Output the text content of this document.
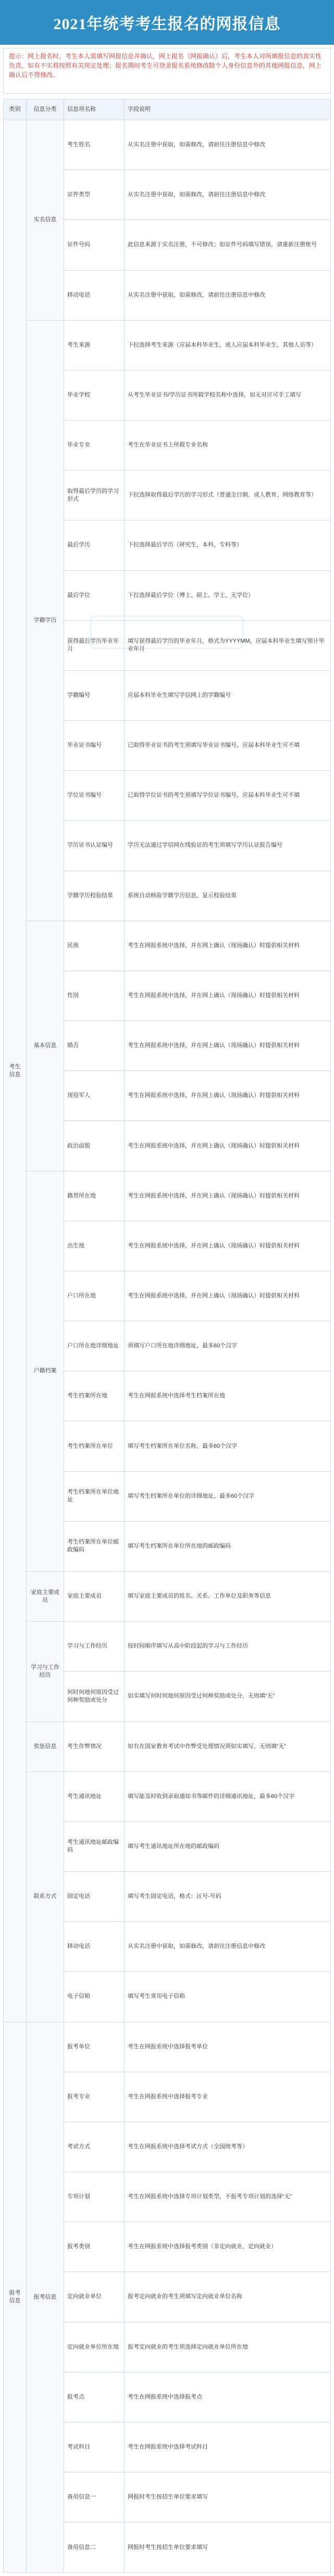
2021年统考考生报名的网报信息
提示：网上报名时，考生本人需填写网报信息并确认，网上报名（网报确认）后，考生本人对所填报信息的真实性负责，如有不实将按照有关规定处理；报名期间考生可登录报名系统修改除个人身份信息外的其他网报信息，网上确认后不得修改。
类别	信息分类	信息项名称	字段说明
考生信息	实名信息	考生姓名	从实名注册中获取，如需修改，请前往注册信息中修改
		证件类型	从实名注册中获取，如需修改，请前往注册信息中修改
		证件号码	此信息来源于实名注册，不可修改；如证件号码填写错误，请重新注册账号
		移动电话	从实名注册中获取，如需修改，请前往注册信息中修改
	学籍学历	考生来源	下拉选择考生来源（应届本科毕业生、成人应届本科毕业生、其他人员等）
		毕业学校	从考生毕业证书/学历证书所载学校名称中选择，如无对应可手工填写
		毕业专业	考生在毕业证书上所载专业名称
		取得最后学历的学习形式	下拉选择取得最后学历的学习形式（普通全日制、成人教育、网络教育等）
		最后学历	下拉选择最后学历（研究生、本科、专科等）
		最后学位	下拉选择最后学位（博士、硕士、学士、无学位）
		获得最后学历毕业年月	填写获得最后学历的毕业年月，格式为YYYYMM，应届本科毕业生填写预计毕业年月
		学籍编号	应届本科毕业生填写学信网上的学籍编号
		毕业证书编号	已取得毕业证书的考生须填写毕业证书编号，应届本科毕业生可不填
		学位证书编号	已取得学位证书的考生须填写学位证书编号，应届本科毕业生可不填
		学历证书认证编号	学历无法通过学信网在线验证的考生须填写学历认证报告编号
		学籍学历校验结果	系统自动核验学籍学历信息，显示校验结果
	基本信息	民族	考生在网报系统中选择，并在网上确认（现场确认）时提供相关材料
		性别	考生在网报系统中选择，并在网上确认（现场确认）时提供相关材料
		婚否	考生在网报系统中选择，并在网上确认（现场确认）时提供相关材料
		现役军人	考生在网报系统中选择，并在网上确认（现场确认）时提供相关材料
		政治面貌	考生在网报系统中选择，并在网上确认（现场确认）时提供相关材料
	户籍档案	籍贯所在地	考生在网报系统中选择，并在网上确认（现场确认）时提供相关材料
		出生地	考生在网报系统中选择，并在网上确认（现场确认）时提供相关材料
		户口所在地	考生在网报系统中选择，并在网上确认（现场确认）时提供相关材料
		户口所在地详细地址	须填写户口所在地详细地址，最多60个汉字
		考生档案所在地	考生在网报系统中选择考生档案所在地
		考生档案所在单位	填写考生档案所在单位名称，最多60个汉字
		考生档案所在单位地址	填写考生档案所在单位的详细地址，最多60个汉字
		考生档案所在单位邮政编码	填写考生档案所在单位所在地的邮政编码
	家庭主要成员	家庭主要成员	填写家庭主要成员的姓名、关系、工作单位及职务等信息
	学习与工作经历	学习与工作经历	按时间顺序填写从高中阶段起的学习与工作经历
		何时何地何原因受过何种奖励或处分	如实填写何时何地何原因受过何种奖励或处分，无则填“无”
	奖惩信息	考生作弊情况	如有在国家教育考试中作弊受处理情况须如实填写，无则填“无”
	联系方式	考生通讯地址	填写能及时收到录取通知书等邮件的详细通讯地址，最多60个汉字
		考生通讯地址邮政编码	填写考生通讯地址所在地的邮政编码
		固定电话	填写考生固定电话，格式：区号-号码
		移动电话	从实名注册中获取，如需修改，请前往注册信息中修改
		电子信箱	填写考生常用电子信箱
报考信息	报考信息	报考单位	考生在网报系统中选择报考单位
		报考专业	考生在网报系统中选择报考专业
		考试方式	考生在网报系统中选择考试方式（全国统考等）
		专项计划	考生在网报系统中选择专项计划类型，不报考专项计划的选择“无”
		报考类别	考生在网报系统中选择报考类别（非定向就业、定向就业）
		定向就业单位	报考定向就业的考生须填写定向就业单位名称
		定向就业单位所在地	报考定向就业的考生须选择定向就业单位所在地
		报考点	考生在网报系统中选择报考点
		考试科目	考生在网报系统中选择考试科目
		备用信息一	网报时考生按招生单位要求填写
		备用信息二	网报时考生按招生单位要求填写
